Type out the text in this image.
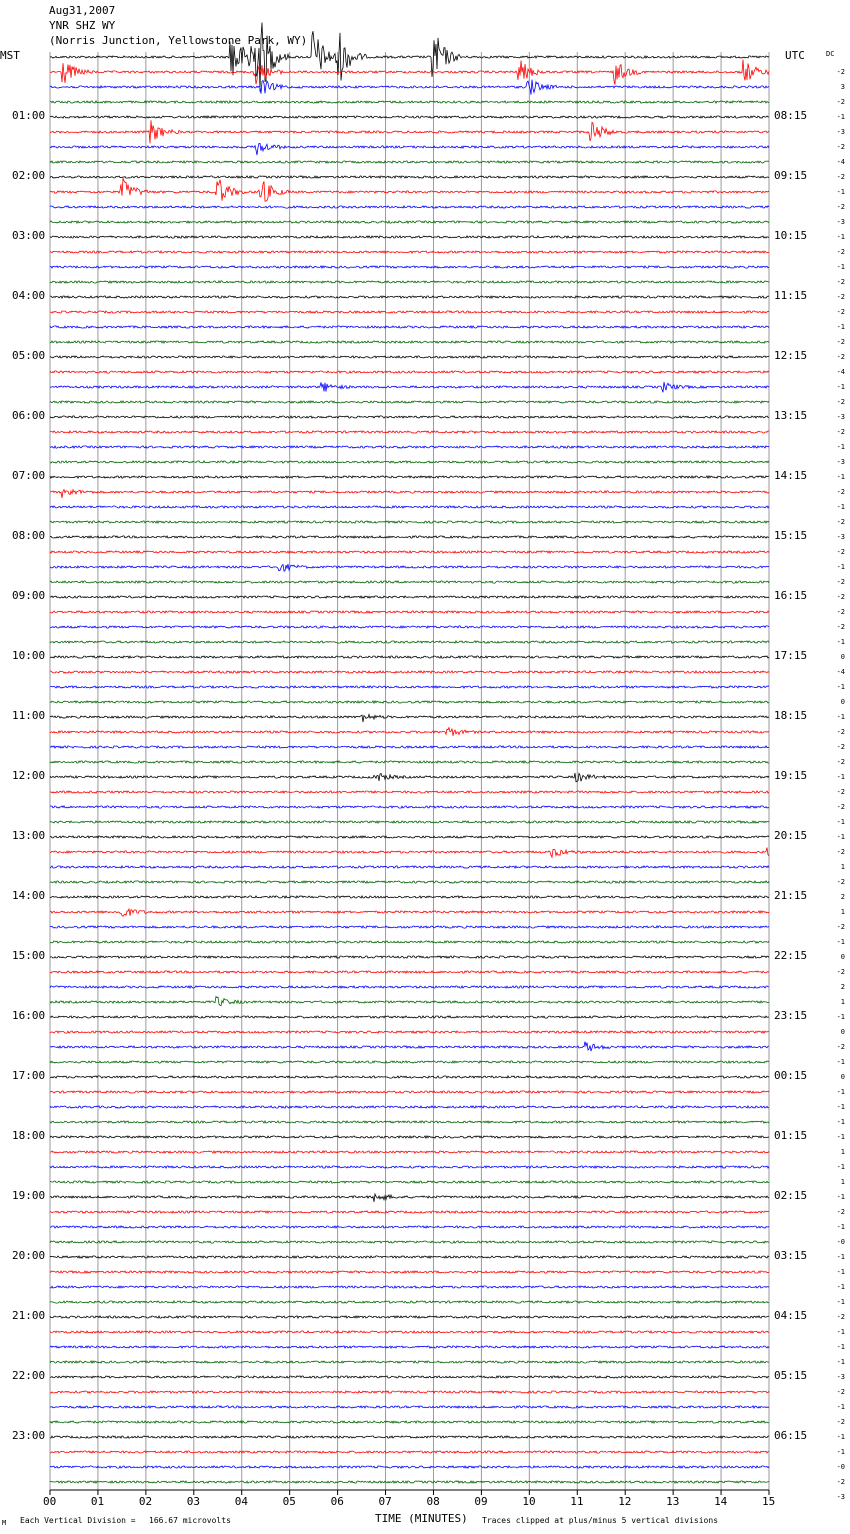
Aug31,2007
YNR SHZ WY
(Norris Junction, Yellowstone Park, WY)
MST	UTC	DC
-2
3
-2
-1
-3
-2
-4
-2
-1
-2
-3
-1
-2
-1
-2
-2
-2
-1
-2
-2
-4
-1
-2
-3
-2
-1
-3
-1
-2
-1
-2
-3
-2
-1
-2
-2
-2
-2
-1
0
-4
-1
0
-1
-2
-2
-2
-1
-2
-2
-1
-1
-2
1
-2
2
1
-2
-1
0
-2
2
1
-1
0
-2
-1
0
-1
-1
-1
-1
1
-1
1
-1
-2
-1
-0
-1
-1
-1
-1
-2
-1
-1
-1
-3
-2
-1
-2
-1
-1
-0
-2
-3
01:00
02:00
03:00
04:00
05:00
06:00
07:00
08:00
09:00
10:00
11:00
12:00
13:00
14:00
15:00
16:00
17:00
18:00
19:00
20:00
21:00
22:00
23:00
08:15
09:15
10:15
11:15
12:15
13:15
14:15
15:15
16:15
17:15
18:15
19:15
20:15
21:15
22:15
23:15
00:15
01:15
02:15
03:15
04:15
05:15
06:15
00	01	02	03	04	05	06	07	08	09	10	11	12	13	14	15
TIME (MINUTES)
M Each Vertical Division = 166.67 microvolts	Traces clipped at plus/minus 5 vertical divisions
